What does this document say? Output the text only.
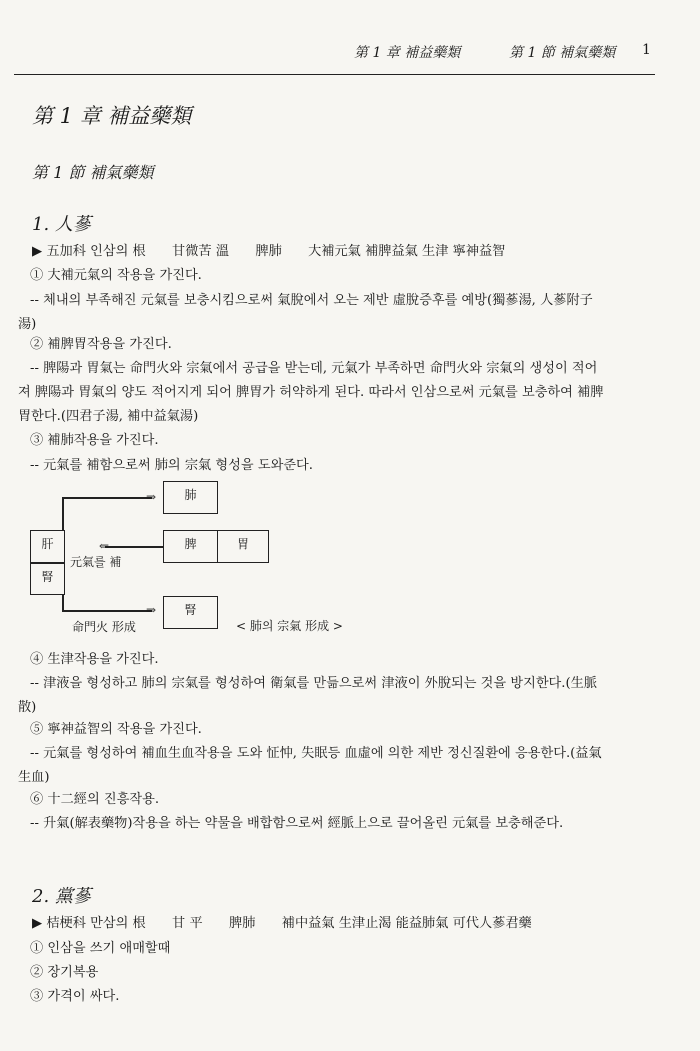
第 1 章 補益藥類	第 1 節 補氣藥類 1
第 1 章 補益藥類
第 1 節 補氣藥類
1. 人蔘
▶ 五加科 인삼의 根　　甘微苦 溫　　脾肺　　大補元氣 補脾益氣 生津 寧神益智
① 大補元氣의 작용을 가진다.
-- 체내의 부족해진 元氣를 보충시킴으로써 氣脫에서 오는 제반 虛脫증후를 예방(獨蔘湯, 人蔘附子
湯)
② 補脾胃작용을 가진다.
-- 脾陽과 胃氣는 命門火와 宗氣에서 공급을 받는데, 元氣가 부족하면 命門火와 宗氣의 생성이 적어
져 脾陽과 胃氣의 양도 적어지게 되어 脾胃가 허약하게 된다. 따라서 인삼으로써 元氣를 보충하여 補脾
胃한다.(四君子湯, 補中益氣湯)
③ 補肺작용을 가진다.
-- 元氣를 補함으로써 肺의 宗氣 형성을 도와준다.
肺
肝
腎
脾	胃
腎
⇒
⇐
⇒
元氣를 補
命門火 形成	< 肺의 宗氣 形成 >
④ 生津작용을 가진다.
-- 津液을 형성하고 肺의 宗氣를 형성하여 衛氣를 만듦으로써 津液이 外脫되는 것을 방지한다.(生脈
散)
⑤ 寧神益智의 작용을 가진다.
-- 元氣를 형성하여 補血生血작용을 도와 怔忡, 失眠등 血虛에 의한 제반 정신질환에 응용한다.(益氣
生血)
⑥ 十二經의 진흥작용.
-- 升氣(解表藥物)작용을 하는 약물을 배합함으로써 經脈上으로 끌어올린 元氣를 보충해준다.
2. 黨蔘
▶ 桔梗科 만삼의 根　　甘 平　　脾肺　　補中益氣 生津止渴 能益肺氣 可代人蔘君藥
① 인삼을 쓰기 애매할때
② 장기복용
③ 가격이 싸다.
